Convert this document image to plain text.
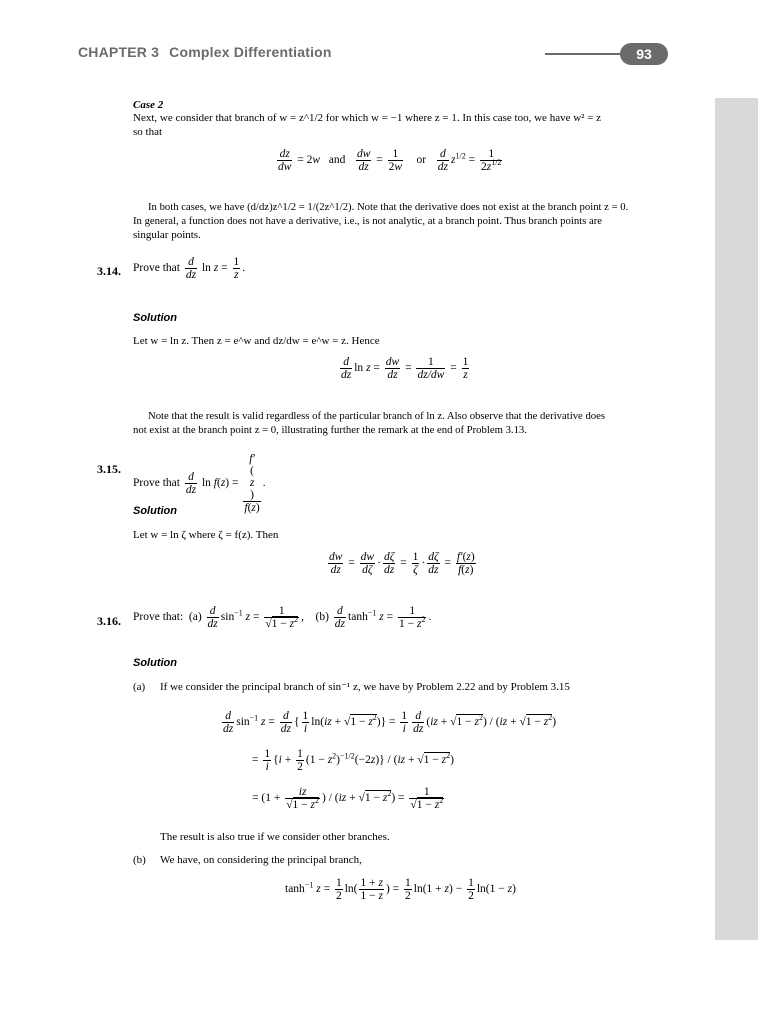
CHAPTER 3 Complex Differentiation	93
Case 2
Next, we consider that branch of w = z^1/2 for which w = −1 where z = 1. In this case too, we have w² = z
so that
$\frac{dz}{dw} = 2w$   and $\frac{dw}{dz} = \frac{1}{2w}$ or $\frac{d}{dz} z^{1/2} = \frac{1}{2z^{1/2}}$
In both cases, we have (d/dz)z^1/2 = 1/(2z^1/2). Note that the derivative does not exist at the branch point z = 0.
In general, a function does not have a derivative, i.e., is not analytic, at a branch point. Thus branch points are
singular points.
3.14. Prove that $\frac{d}{dz}$ $\ln z = \frac{1}{z}$ .
Solution
Let w = ln z. Then z = e^w and dz/dw = e^w = z. Hence
$\frac{d}{dz}$ $\ln z = \frac{dw}{dz} = \frac{1}{dz/dw} = \frac{1}{z}$
Note that the result is valid regardless of the particular branch of ln z. Also observe that the derivative does
not exist at the branch point z = 0, illustrating further the remark at the end of Problem 3.13.
3.15.
Prove that $\frac{d}{dz}$ ln f(z) =
f′
(
z
)
f(z)
.
Solution
Let w = ln ζ where ζ = f(z). Then
$\frac{dw}{dz} = \frac{dw}{d\zeta} \cdot \frac{d\zeta}{dz} = \frac{1}{\zeta} \cdot \frac{d\zeta}{dz} = \frac{f'(z)}{f(z)}$
3.16. Prove that:  $(a) \frac{d}{dz} \sin^{-1} z = \frac{1}{√1 - z^2}$ ,    $(b) \frac{d}{dz} \tanh^{-1} z = \frac{1}{1 - z^2}$ .
Solution
(a) If we consider the principal branch of sin⁻¹ z, we have by Problem 2.22 and by Problem 3.15
$\frac{d}{dz} \sin^{-1} z = \frac{d}{dz}$ { $\frac{1}{i} \ln(iz + √1 - z^2)\} = \frac{1}{i} \frac{d}{dz} (iz + √1 - z^2) / (iz + √1 - z^2)$
= $\frac{1}{i} \{i + \frac{1}{2} (1 - z^2)^{-1/2}(-2z)\} / (iz + √1 - z^2)$
= ($1 + \frac{iz}{√1 - z^2}$ ) / $(iz + √1 - z^2) = \frac{1}{√1 - z^2}$
The result is also true if we consider other branches.
(b) We have, on considering the principal branch,
$\tanh^{-1} z = \frac{1}{2} \ln( \frac{1 + z}{1 - z}$ ) = $\frac{1}{2} \ln(1 + z) - \frac{1}{2} \ln(1 - z)$
